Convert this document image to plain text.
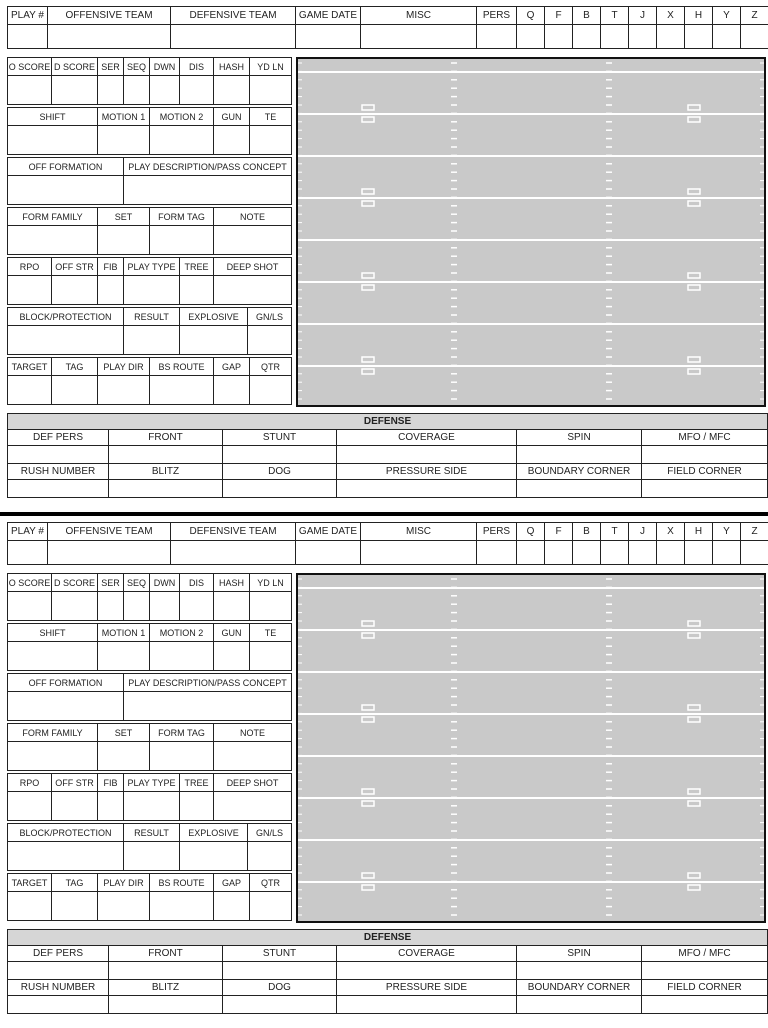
PLAY #	OFFENSIVE TEAM	DEFENSIVE TEAM	GAME DATE	MISC	PERS	Q	F	B	T	J	X	H	Y	Z

O SCORE	D SCORE	SER	SEQ	DWN	DIS	HASH	YD LN

SHIFT	MOTION 1	MOTION 2	GUN	TE

OFF FORMATION	PLAY DESCRIPTION/PASS CONCEPT

FORM FAMILY	SET	FORM TAG	NOTE

RPO	OFF STR	FIB	PLAY TYPE	TREE	DEEP SHOT

BLOCK/PROTECTION	RESULT	EXPLOSIVE	GN/LS

TARGET	TAG	PLAY DIR	BS ROUTE	GAP	QTR

DEFENSE					
DEF PERS	FRONT	STUNT	COVERAGE	SPIN	MFO / MFC

RUSH NUMBER	BLITZ	DOG	PRESSURE SIDE	BOUNDARY CORNER	FIELD CORNER

PLAY #	OFFENSIVE TEAM	DEFENSIVE TEAM	GAME DATE	MISC	PERS	Q	F	B	T	J	X	H	Y	Z

O SCORE	D SCORE	SER	SEQ	DWN	DIS	HASH	YD LN

SHIFT	MOTION 1	MOTION 2	GUN	TE

OFF FORMATION	PLAY DESCRIPTION/PASS CONCEPT

FORM FAMILY	SET	FORM TAG	NOTE

RPO	OFF STR	FIB	PLAY TYPE	TREE	DEEP SHOT

BLOCK/PROTECTION	RESULT	EXPLOSIVE	GN/LS

TARGET	TAG	PLAY DIR	BS ROUTE	GAP	QTR

DEFENSE					
DEF PERS	FRONT	STUNT	COVERAGE	SPIN	MFO / MFC

RUSH NUMBER	BLITZ	DOG	PRESSURE SIDE	BOUNDARY CORNER	FIELD CORNER
